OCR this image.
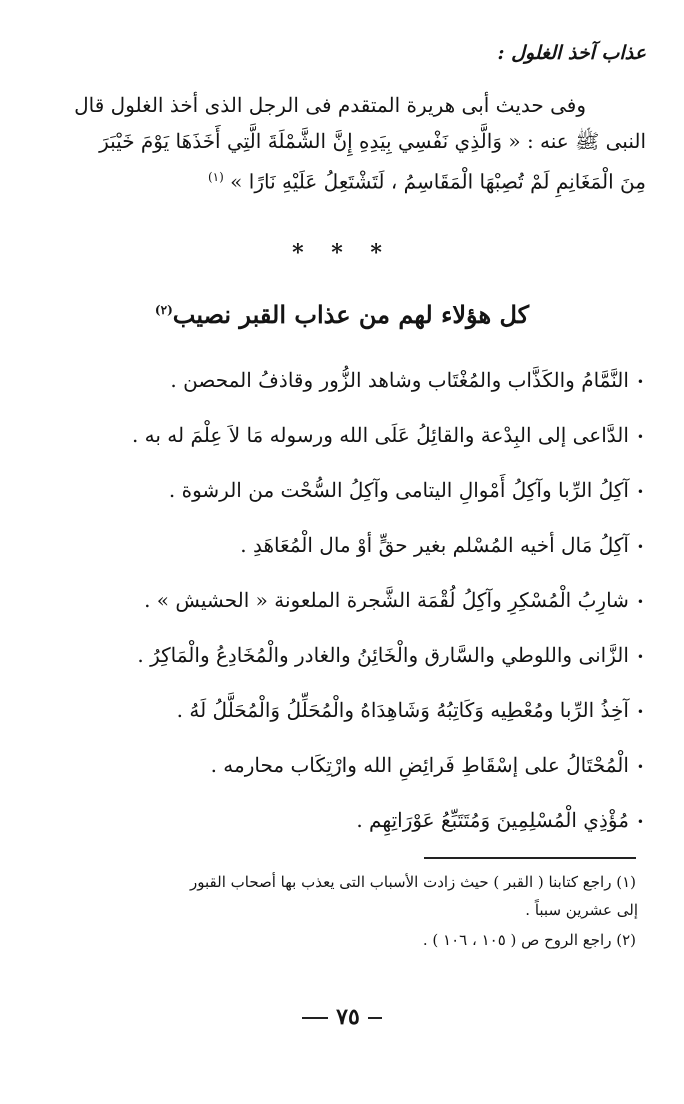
عذاب آخذ الغلول :
وفى حديث أبى هريرة المتقدم فى الرجل الذى أخذ الغلول قال
النبى ﷺ عنه : « وَالَّذِي نَفْسِي بِيَدِهِ إِنَّ الشَّمْلَةَ الَّتِي أَخَذَهَا يَوْمَ خَيْبَرَ
مِنَ الْمَغَانِمِ لَمْ تُصِبْهَا الْمَقَاسِمُ ، لَتَشْتَعِلُ عَلَيْهِ نَارًا » $^{(١)}$
* * *
كل هؤلاء لهم من عذاب القبر نصيب$^{(٢)}$
•النَّمَّامُ والكَذَّاب والمُغْتَاب وشاهد الزُّور وقاذفُ المحصن .
•الدَّاعى إلى البِدْعة والقائِلُ عَلَى الله ورسوله مَا لاَ عِلْمَ له به .
•آكِلُ الرِّبا وآكِلُ أَمْوالِ اليتامى وآكِلُ السُّحْت من الرشوة .
•آكِلُ مَال أخيه المُسْلم بغير حقٍّ أوْ مال الْمُعَاهَدِ .
•شارِبُ الْمُسْكِرِ وآكِلُ لُقْمَة الشَّجرة الملعونة « الحشيش » .
•الزَّانى واللوطي والسَّارق والْخَائِنُ والغادر والْمُخَادِعُ والْمَاكِرُ .
•آخِذُ الرِّبا ومُعْطِيه وَكَاتِبُهُ وَشَاهِدَاهُ والْمُحَلِّلُ وَالْمُحَلَّلُ لَهُ .
•الْمُحْتَالُ على إسْقَاطِ فَرائِضِ الله وارْتِكَاب محارمه .
•مُؤْذِي الْمُسْلِمِينَ وَمُتَتَبِّعُ عَوْرَاتِهِم .
(١) راجع كتابنا ( القبر ) حيث زادت الأسباب التى يعذب بها أصحاب القبور
إلى عشرين سبباً .
(٢) راجع الروح ص ( ١٠٥ ، ١٠٦ ) .
٧٥
